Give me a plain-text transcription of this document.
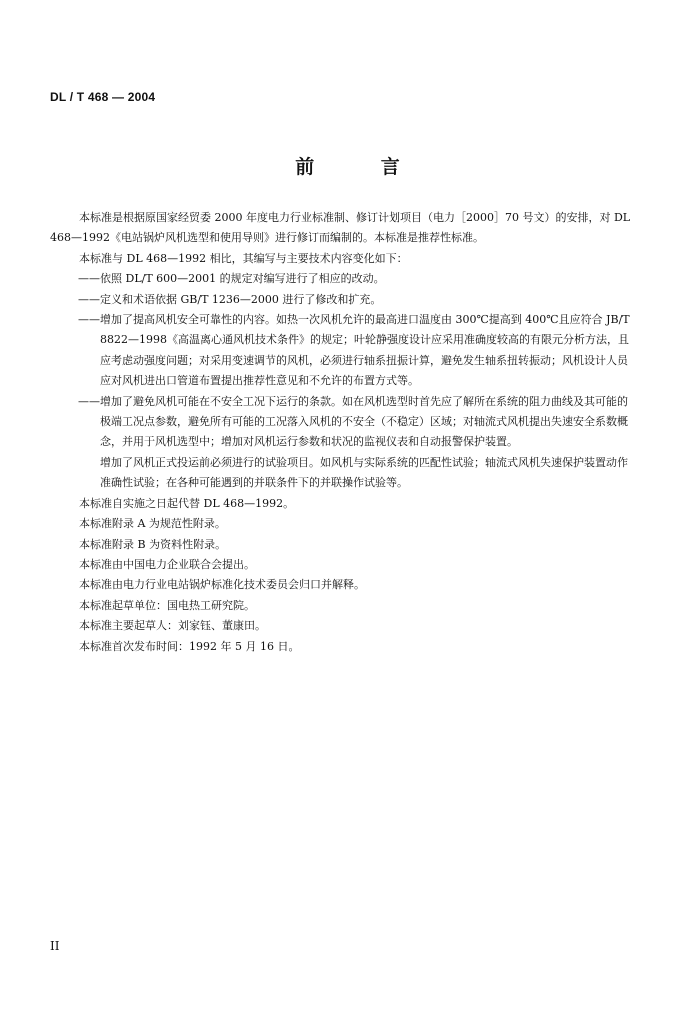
DL / T 468 — 2004
前 言

本标准是根据原国家经贸委 2000 年度电力行业标准制、修订计划项目（电力［2000］70 号文）的安排，对 DL 468—1992《电站锅炉风机选型和使用导则》进行修订而编制的。本标准是推荐性标准。

本标准与 DL 468—1992 相比，其编写与主要技术内容变化如下：

——依照 DL/T 600—2001 的规定对编写进行了相应的改动。

——定义和术语依据 GB/T 1236—2000 进行了修改和扩充。

——增加了提高风机安全可靠性的内容。如热一次风机允许的最高进口温度由 300℃提高到 400℃且应符合 JB/T 8822—1998《高温离心通风机技术条件》的规定；叶轮静强度设计应采用准确度较高的有限元分析方法，且应考虑动强度问题；对采用变速调节的风机，必须进行轴系扭振计算，避免发生轴系扭转振动；风机设计人员应对风机进出口管道布置提出推荐性意见和不允许的布置方式等。

——增加了避免风机可能在不安全工况下运行的条款。如在风机选型时首先应了解所在系统的阻力曲线及其可能的极端工况点参数，避免所有可能的工况落入风机的不安全（不稳定）区域；对轴流式风机提出失速安全系数概念，并用于风机选型中；增加对风机运行参数和状况的监视仪表和自动报警保护装置。

增加了风机正式投运前必须进行的试验项目。如风机与实际系统的匹配性试验；轴流式风机失速保护装置动作准确性试验；在各种可能遇到的并联条件下的并联操作试验等。

本标准自实施之日起代替 DL 468—1992。

本标准附录 A 为规范性附录。

本标准附录 B 为资料性附录。

本标准由中国电力企业联合会提出。

本标准由电力行业电站锅炉标准化技术委员会归口并解释。

本标准起草单位：国电热工研究院。

本标准主要起草人：刘家钰、董康田。

本标准首次发布时间：1992 年 5 月 16 日。

II
